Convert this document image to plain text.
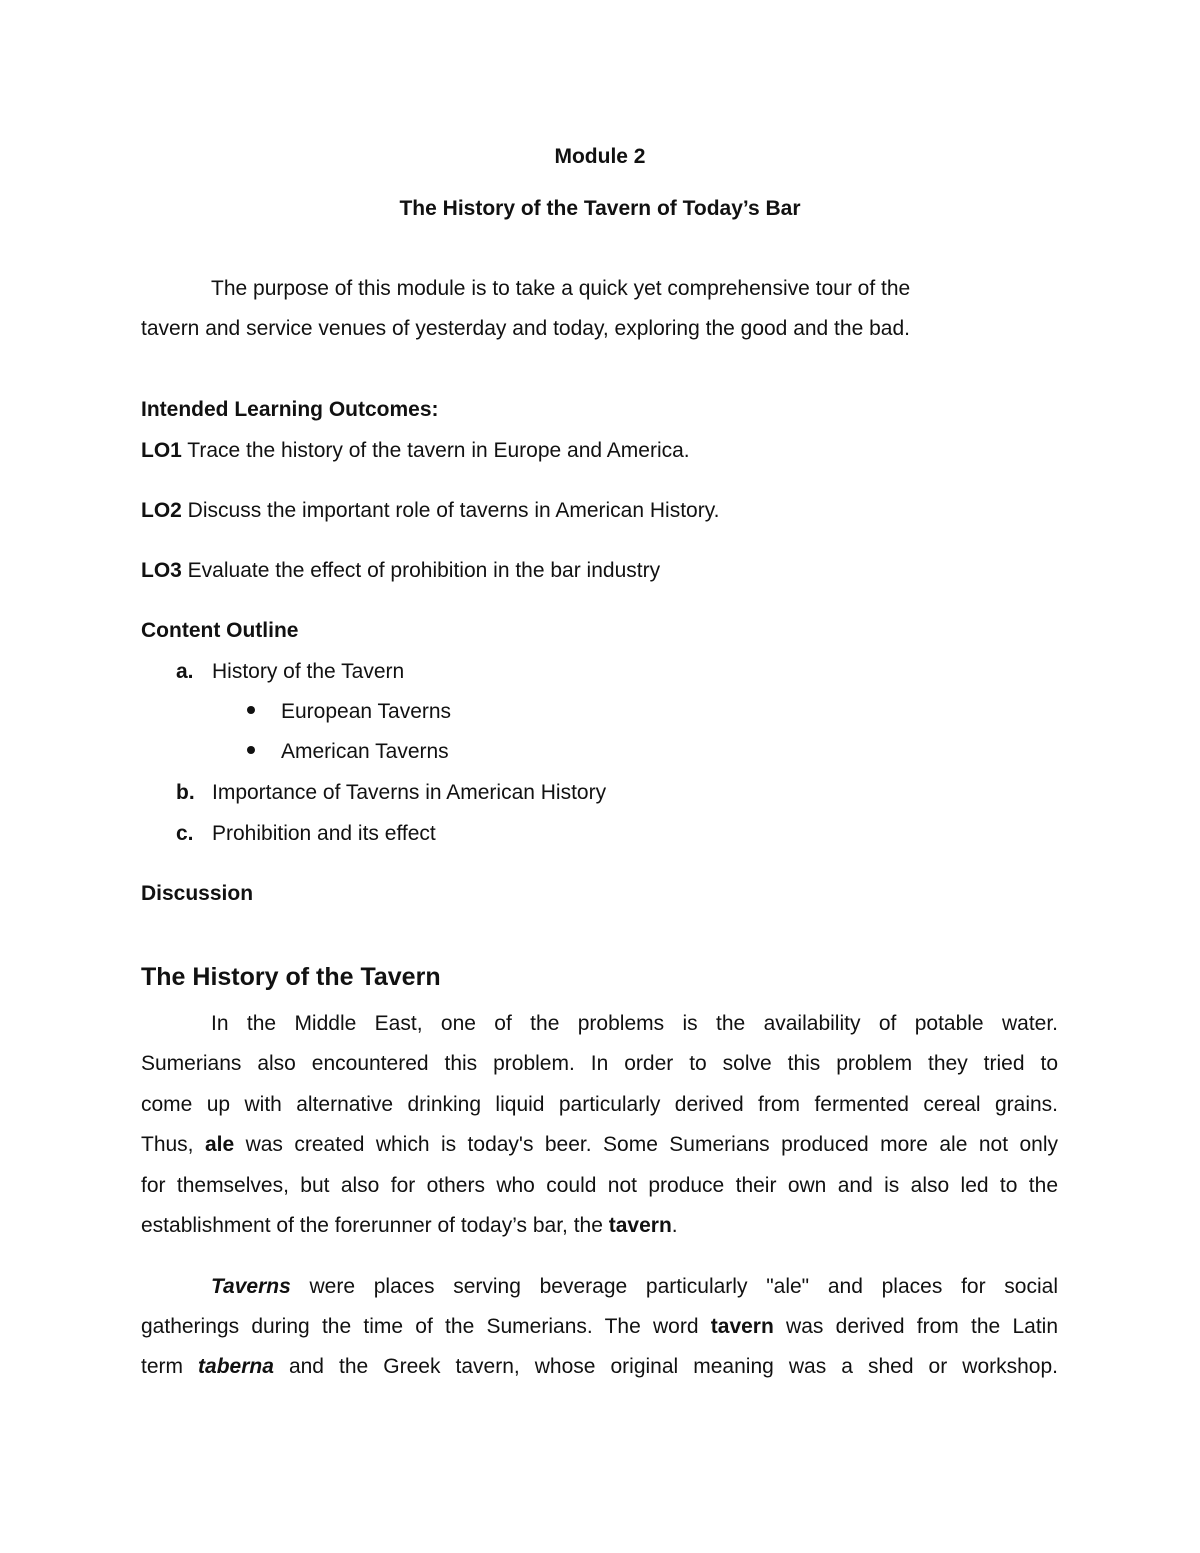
Module 2
The History of the Tavern of Today’s Bar
The purpose of this module is to take a quick yet comprehensive tour of the
tavern and service venues of yesterday and today, exploring the good and the bad.
Intended Learning Outcomes:
LO1 Trace the history of the tavern in Europe and America.
LO2 Discuss the important role of taverns in American History.
LO3 Evaluate the effect of prohibition in the bar industry
Content Outline
a. History of the Tavern
European Taverns
American Taverns
b. Importance of Taverns in American History
c. Prohibition and its effect
Discussion
The History of the Tavern
In the Middle East, one of the problems is the availability of potable water.
Sumerians also encountered this problem. In order to solve this problem they tried to
come up with alternative drinking liquid particularly derived from fermented cereal grains.
Thus, ale was created which is today's beer. Some Sumerians produced more ale not only
for themselves, but also for others who could not produce their own and is also led to the
establishment of the forerunner of today’s bar, the tavern.
Taverns were places serving beverage particularly "ale" and places for social
gatherings during the time of the Sumerians. The word tavern was derived from the Latin
term taberna and the Greek tavern, whose original meaning was a shed or workshop.
